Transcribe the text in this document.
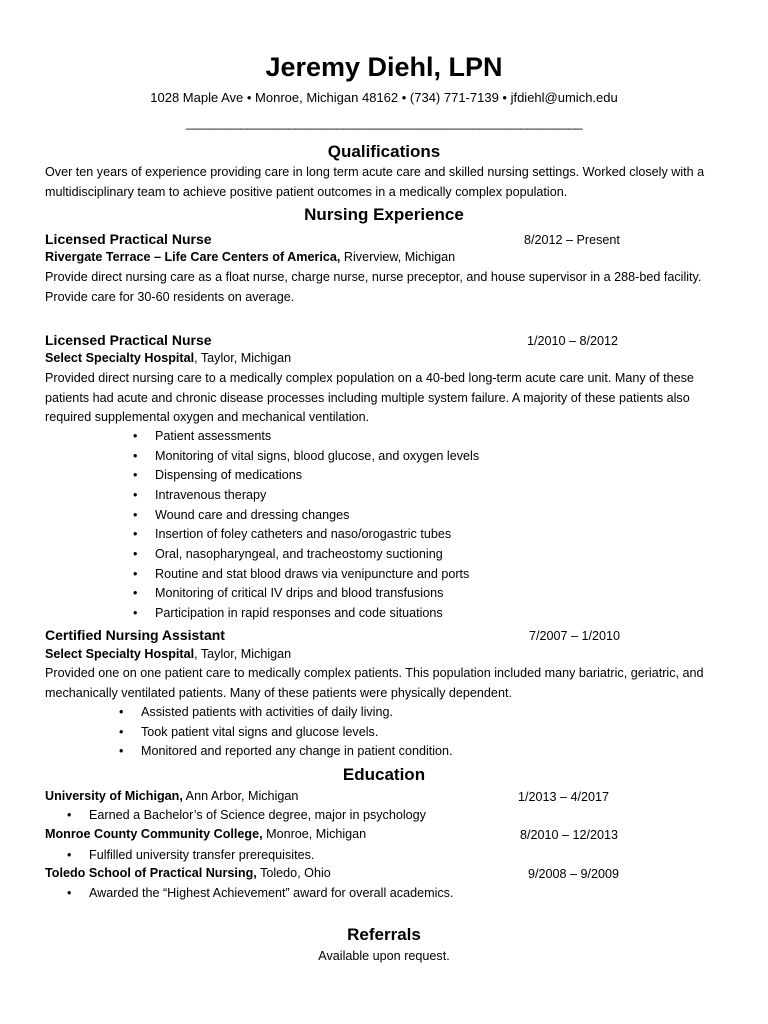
Jeremy Diehl, LPN
1028 Maple Ave • Monroe, Michigan 48162 • (734) 771-7139 • jfdiehl@umich.edu
__________________________________________________________
Qualifications
Over ten years of experience providing care in long term acute care and skilled nursing settings. Worked closely with a multidisciplinary team to achieve positive patient outcomes in a medically complex population.
Nursing Experience
Licensed Practical Nurse	8/2012 – Present
Rivergate Terrace – Life Care Centers of America, Riverview, Michigan
Provide direct nursing care as a float nurse, charge nurse, nurse preceptor, and house supervisor in a 288-bed facility. Provide care for 30-60 residents on average.
Licensed Practical Nurse	1/2010 – 8/2012
Select Specialty Hospital, Taylor, Michigan
Provided direct nursing care to a medically complex population on a 40-bed long-term acute care unit. Many of these patients had acute and chronic disease processes including multiple system failure. A majority of these patients also required supplemental oxygen and mechanical ventilation.
• Patient assessments
• Monitoring of vital signs, blood glucose, and oxygen levels
• Dispensing of medications
• Intravenous therapy
• Wound care and dressing changes
• Insertion of foley catheters and naso/orogastric tubes
• Oral, nasopharyngeal, and tracheostomy suctioning
• Routine and stat blood draws via venipuncture and ports
• Monitoring of critical IV drips and blood transfusions
• Participation in rapid responses and code situations
Certified Nursing Assistant	7/2007 – 1/2010
Select Specialty Hospital, Taylor, Michigan
Provided one on one patient care to medically complex patients. This population included many bariatric, geriatric, and mechanically ventilated patients. Many of these patients were physically dependent.
• Assisted patients with activities of daily living.
• Took patient vital signs and glucose levels.
• Monitored and reported any change in patient condition.
Education
University of Michigan, Ann Arbor, Michigan	1/2013 – 4/2017
• Earned a Bachelor’s of Science degree, major in psychology
Monroe County Community College, Monroe, Michigan	8/2010 – 12/2013
• Fulfilled university transfer prerequisites.
Toledo School of Practical Nursing, Toledo, Ohio	9/2008 – 9/2009
• Awarded the “Highest Achievement” award for overall academics.
Referrals
Available upon request.
